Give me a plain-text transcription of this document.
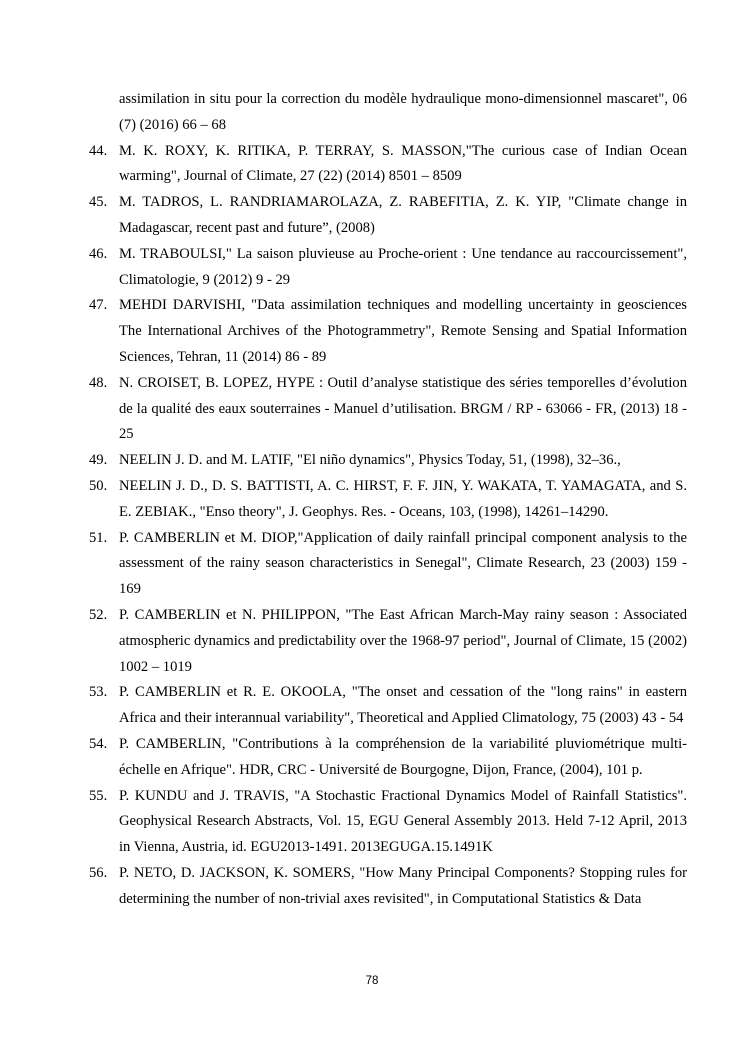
assimilation in situ pour la correction du modèle hydraulique mono-dimensionnel mascaret", 06 (7) (2016) 66 – 68

44. M. K. ROXY, K. RITIKA, P. TERRAY, S. MASSON,"The curious case of Indian Ocean warming", Journal of Climate, 27 (22) (2014) 8501 – 8509

45. M. TADROS, L. RANDRIAMAROLAZA, Z. RABEFITIA, Z. K. YIP, "Climate change in Madagascar, recent past and future”, (2008)

46. M. TRABOULSI," La saison pluvieuse au Proche-orient : Une tendance au raccourcissement", Climatologie, 9 (2012) 9 - 29

47. MEHDI DARVISHI, "Data assimilation techniques and modelling uncertainty in geosciences The International Archives of the Photogrammetry", Remote Sensing and Spatial Information Sciences, Tehran, 11 (2014) 86 - 89

48. N. CROISET, B. LOPEZ, HYPE : Outil d’analyse statistique des séries temporelles d’évolution de la qualité des eaux souterraines - Manuel d’utilisation. BRGM / RP - 63066 - FR, (2013) 18 - 25

49. NEELIN J. D. and M. LATIF, "El niño dynamics", Physics Today, 51, (1998), 32–36.,

50. NEELIN J. D., D. S. BATTISTI, A. C. HIRST, F. F. JIN, Y. WAKATA, T. YAMAGATA, and S. E. ZEBIAK., "Enso theory", J. Geophys. Res. - Oceans, 103, (1998), 14261–14290.

51. P. CAMBERLIN et M. DIOP,"Application of daily rainfall principal component analysis to the assessment of the rainy season characteristics in Senegal", Climate Research, 23 (2003) 159 - 169

52. P. CAMBERLIN et N. PHILIPPON, "The East African March-May rainy season : Associated atmospheric dynamics and predictability over the 1968-97 period", Journal of Climate, 15 (2002) 1002 – 1019

53. P. CAMBERLIN et R. E. OKOOLA, "The onset and cessation of the "long rains" in eastern Africa and their interannual variability", Theoretical and Applied Climatology, 75 (2003) 43 - 54

54. P. CAMBERLIN, "Contributions à la compréhension de la variabilité pluviométrique multi-échelle en Afrique". HDR, CRC - Université de Bourgogne, Dijon, France, (2004), 101 p.

55. P. KUNDU and J. TRAVIS, "A Stochastic Fractional Dynamics Model of Rainfall Statistics". Geophysical Research Abstracts, Vol. 15, EGU General Assembly 2013. Held 7-12 April, 2013 in Vienna, Austria, id. EGU2013-1491. 2013EGUGA.15.1491K

56. P. NETO, D. JACKSON, K. SOMERS, "How Many Principal Components? Stopping rules for determining the number of non-trivial axes revisited", in Computational Statistics & Data

78
